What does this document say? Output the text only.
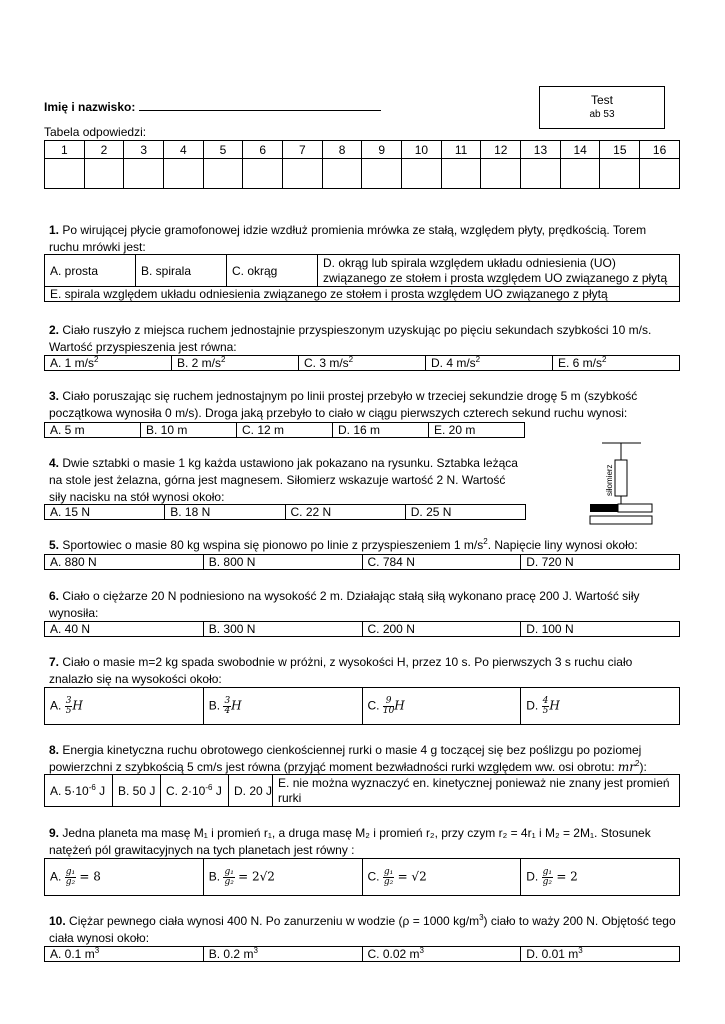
Imię i nazwisko:	Test
ab 53
Tabela odpowiedzi:
1	2	3	4	5	6	7	8	9	10	11	12	13	14	15	16

1. Po wirującej płycie gramofonowej idzie wzdłuż promienia mrówka ze stałą, względem płyty, prędkością. Torem ruchu mrówki jest:
A. prosta	B. spirala	C. okrąg	D. okrąg lub spirala względem układu odniesienia (UO) związanego ze stołem i prosta względem UO związanego z płytą
E. spirala względem układu odniesienia związanego ze stołem i prosta względem UO związanego z płytą
2. Ciało ruszyło z miejsca ruchem jednostajnie przyspieszonym uzyskując po pięciu sekundach szybkości 10 m/s. Wartość przyspieszenia jest równa:
A. 1 $m/s^2$	B. 2 $m/s^2$	C. 3 $m/s^2$	D. 4 $m/s^2$	E. 6 $m/s^2$
3. Ciało poruszając się ruchem jednostajnym po linii prostej przebyło w trzeciej sekundzie drogę 5 m (szybkość początkowa wynosiła 0 m/s). Droga jaką przebyło to ciało w ciągu pierwszych czterech sekund ruchu wynosi:
A. 5 m	B. 10 m	C. 12 m	D. 16 m	E. 20 m
4. Dwie sztabki o masie 1 kg każda ustawiono jak pokazano na rysunku. Sztabka leżąca na stole jest żelazna, górna jest magnesem. Siłomierz wskazuje wartość 2 N. Wartość siły nacisku na stół wynosi około:
A. 15 N	B. 18 N	C. 22 N	D. 25 N
siłomierz
5. Sportowiec o masie 80 kg wspina się pionowo po linie z przyspieszeniem 1 $m/s^2$. Napięcie liny wynosi około:
A. 880 N	B. 800 N	C. 784 N	D. 720 N
6. Ciało o ciężarze 20 N podniesiono na wysokość 2 m. Działając stałą siłą wykonano pracę 200 J. Wartość siły wynosiła:
A. 40 N	B. 300 N	C. 200 N	D. 100 N
7. Ciało o masie m=2 kg spada swobodnie w próżni, z wysokości H, przez 10 s. Po pierwszych 3 s ruchu ciało znalazło się na wysokości około:
A. $\frac{3}{5}$ H	B. $\frac{3}{4}$ H	C. $\frac{9}{10}$ H	D. $\frac{4}{5}$ H
8. Energia kinetyczna ruchu obrotowego cienkościennej rurki o masie 4 g toczącej się bez poślizgu po poziomej powierzchni z szybkością 5 cm/s jest równa (przyjąć moment bezwładności rurki względem ww. osi obrotu: $mr^2$):
A. $5\cdot 10^{-6}$ J	B. 50 J	C. $2\cdot 10^{-6}$ J	D. 20 J	E. nie można wyznaczyć en. kinetycznej ponieważ nie znany jest promień rurki
9. Jedna planeta ma masę M₁ i promień r₁, a druga masę M₂ i promień r₂, przy czym r₂ = 4r₁ i M₂ = 2M₁. Stosunek natężeń pól grawitacyjnych na tych planetach jest równy :
A. $\frac{\text{g₁}}{\text{g₂}} = 8$	B. $\frac{\text{g₁}}{\text{g₂}} = 2√2$	C. $\frac{\text{g₁}}{\text{g₂}} = √2$	D. $\frac{\text{g₁}}{\text{g₂}} = 2$
10. Ciężar pewnego ciała wynosi 400 N. Po zanurzeniu w wodzie (ρ = 1000 $kg/m^3$) ciało to waży 200 N. Objętość tego ciała wynosi około:
A. 0.1 $m^3$	B. 0.2 $m^3$	C. 0.02 $m^3$	D. 0.01 $m^3$
